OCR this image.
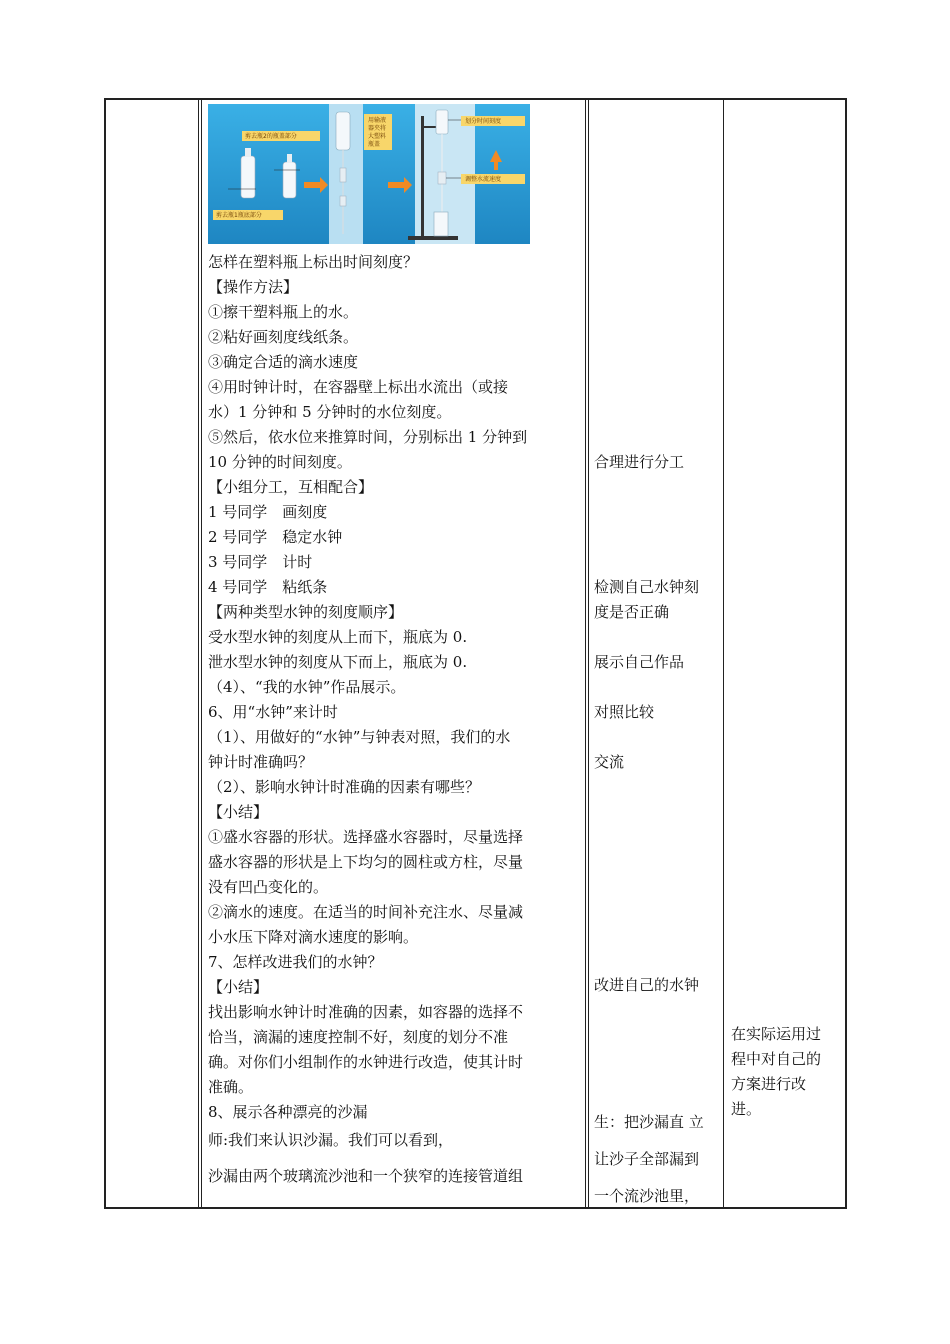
剪去瓶2的瓶盖部分
剪去瓶1瓶底部分
用输液
器夹将
大塑料
瓶盖
划分时间刻度
调整水流速度
怎样在塑料瓶上标出时间刻度？
【操作方法】
①擦干塑料瓶上的水。
②粘好画刻度线纸条。
③确定合适的滴水速度
④用时钟计时，在容器壁上标出水流出（或接
水）1 分钟和 5 分钟时的水位刻度。
⑤然后，依水位来推算时间，分别标出 1 分钟到
10 分钟的时间刻度。
【小组分工，互相配合】
1 号同学　画刻度
2 号同学　稳定水钟
3 号同学　计时
4 号同学　粘纸条
【两种类型水钟的刻度顺序】
受水型水钟的刻度从上而下，瓶底为 0.
泄水型水钟的刻度从下而上，瓶底为 0.
（4）、“我的水钟”作品展示。
6、用“水钟”来计时
（1）、用做好的“水钟”与钟表对照，我们的水
钟计时准确吗？
（2）、影响水钟计时准确的因素有哪些？
【小结】
①盛水容器的形状。选择盛水容器时，尽量选择
盛水容器的形状是上下均匀的圆柱或方柱，尽量
没有凹凸变化的。
②滴水的速度。在适当的时间补充注水、尽量减
小水压下降对滴水速度的影响。
7、怎样改进我们的水钟？
【小结】
找出影响水钟计时准确的因素，如容器的选择不
恰当，滴漏的速度控制不好，刻度的划分不准
确。对你们小组制作的水钟进行改造，使其计时
准确。
8、展示各种漂亮的沙漏
师:我们来认识沙漏。我们可以看到，
沙漏由两个玻璃流沙池和一个狭窄的连接管道组
合理进行分工
检测自己水钟刻
度是否正确
展示自己作品
对照比较
交流
改进自己的水钟
生：把沙漏直 立
让沙子全部漏到
一个流沙池里，
在实际运用过
程中对自己的
方案进行改
进。
